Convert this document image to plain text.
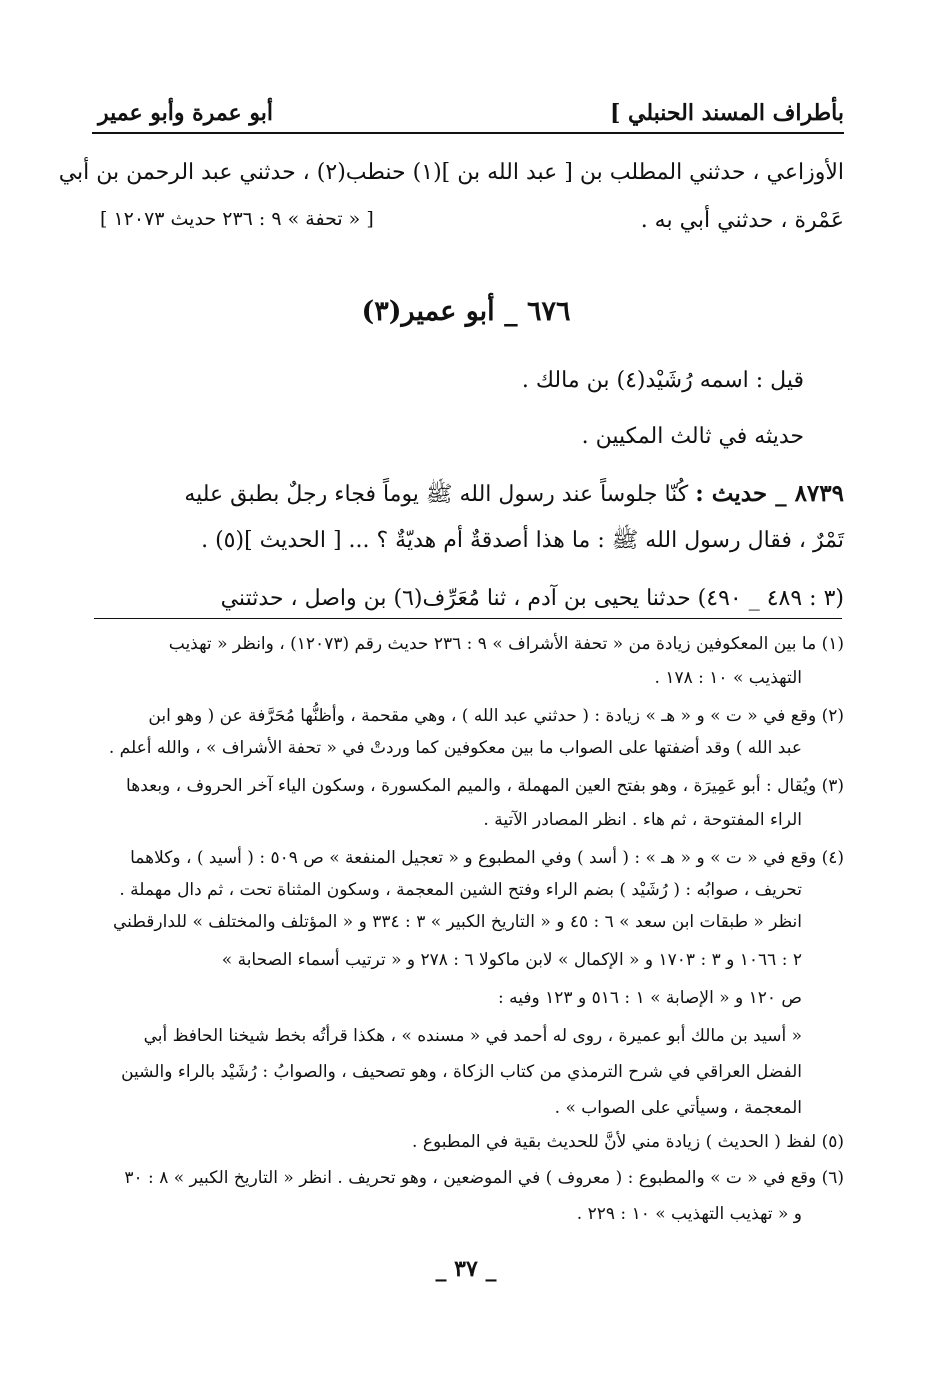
بأطراف المسند الحنبلي ]
أبو عمرة وأبو عمير
الأوزاعي ، حدثني المطلب بن [ عبد الله بن ](١) حنطب(٢) ، حدثني عبد الرحمن بن أبي
عَمْرة ، حدثني أبي به .
[ « تحفة » ٩ : ٢٣٦ حديث ١٢٠٧٣ ]
٦٧٦ _ أبو عمير(٣)
قيل : اسمه رُشَيْد(٤) بن مالك .
حديثه في ثالث المكيين .
٨٧٣٩ _ حديث : كُنّا جلوساً عند رسول الله ﷺ يوماً فجاء رجلٌ بطبق عليه
تَمْرٌ ، فقال رسول الله ﷺ : ما هذا أصدقةٌ أم هديّةٌ ؟ ... [ الحديث ](٥) .
(٣ : ٤٨٩ _ ٤٩٠) حدثنا يحيى بن آدم ، ثنا مُعَرِّف(٦) بن واصل ، حدثتني
(١) ما بين المعكوفين زيادة من « تحفة الأشراف » ٩ : ٢٣٦ حديث رقم (١٢٠٧٣) ، وانظر « تهذيب
التهذيب » ١٠ : ١٧٨ .
(٢) وقع في « ت » و « هـ » زيادة : ( حدثني عبد الله ) ، وهي مقحمة ، وأظنُّها مُحَرَّفة عن ( وهو ابن
عبد الله ) وقد أضفتها على الصواب ما بين معكوفين كما وردتْ في « تحفة الأشراف » ، والله أعلم .
(٣) ويُقال : أبو عَمِيرَة ، وهو بفتح العين المهملة ، والميم المكسورة ، وسكون الياء آخر الحروف ، وبعدها
الراء المفتوحة ، ثم هاء . انظر المصادر الآتية .
(٤) وقع في « ت » و « هـ » : ( أسد ) وفي المطبوع و « تعجيل المنفعة » ص ٥٠٩ : ( أسيد ) ، وكلاهما
تحريف ، صوابُه : ( رُشَيْد ) بضم الراء وفتح الشين المعجمة ، وسكون المثناة تحت ، ثم دال مهملة .
انظر « طبقات ابن سعد » ٦ : ٤٥ و « التاريخ الكبير » ٣ : ٣٣٤ و « المؤتلف والمختلف » للدارقطني
٢ : ١٠٦٦ و ٣ : ١٧٠٣ و « الإكمال » لابن ماكولا ٦ : ٢٧٨ و « ترتيب أسماء الصحابة »
ص ١٢٠ و « الإصابة » ١ : ٥١٦ و ١٢٣ وفيه :
« أسيد بن مالك أبو عميرة ، روى له أحمد في « مسنده » ، هكذا قرأتُه بخط شيخنا الحافظ أبي
الفضل العراقي في شرح الترمذي من كتاب الزكاة ، وهو تصحيف ، والصوابُ : رُشَيْد بالراء والشين
المعجمة ، وسيأتي على الصواب » .
(٥) لفظ ( الحديث ) زيادة مني لأنَّ للحديث بقية في المطبوع .
(٦) وقع في « ت » والمطبوع : ( معروف ) في الموضعين ، وهو تحريف . انظر « التاريخ الكبير » ٨ : ٣٠
و « تهذيب التهذيب » ١٠ : ٢٢٩ .
_ ٣٧ _
